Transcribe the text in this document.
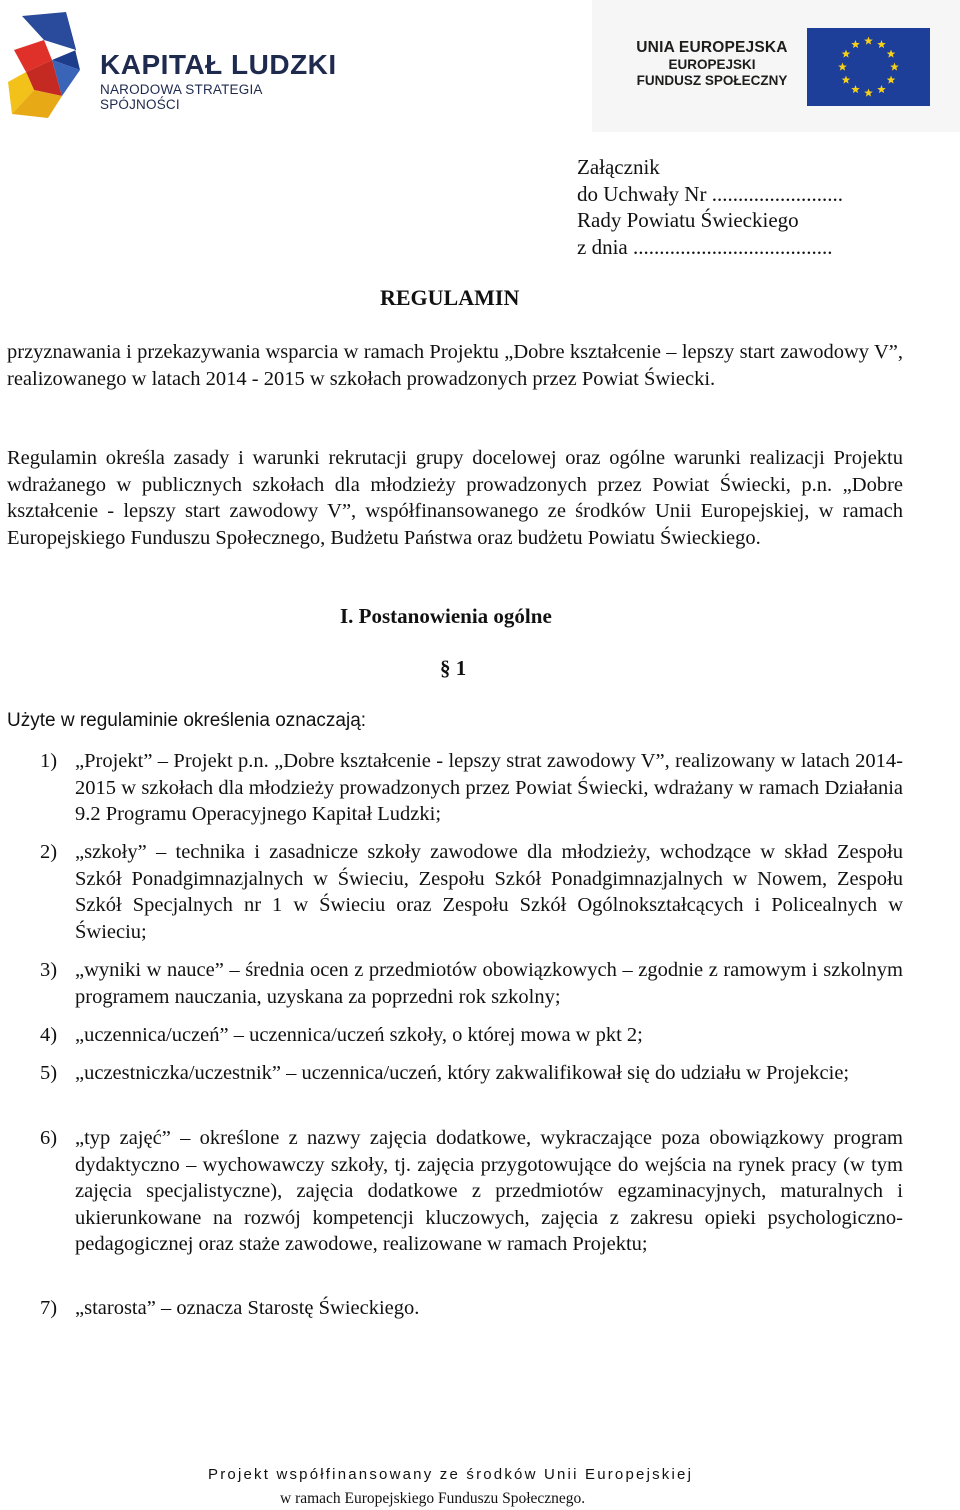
KAPITAŁ LUDZKI
NARODOWA STRATEGIA SPÓJNOŚCI
UNIA EUROPEJSKA
EUROPEJSKI
FUNDUSZ SPOŁECZNY
Załącznik
do Uchwały Nr .........................
Rady Powiatu Świeckiego
z dnia ......................................
REGULAMIN
przyznawania i przekazywania wsparcia w ramach Projektu „Dobre kształcenie – lepszy start zawodowy V”, realizowanego w latach 2014 - 2015 w szkołach prowadzonych przez Powiat Świecki.
Regulamin określa zasady i warunki rekrutacji grupy docelowej oraz ogólne warunki realizacji Projektu wdrażanego w publicznych szkołach dla młodzieży prowadzonych przez Powiat Świecki, p.n. „Dobre kształcenie - lepszy start zawodowy V”, współfinansowanego ze środków Unii Europejskiej, w ramach Europejskiego Funduszu Społecznego, Budżetu Państwa oraz budżetu Powiatu Świeckiego.
I. Postanowienia ogólne
§ 1
Użyte w regulaminie określenia oznaczają:
1) „Projekt” – Projekt p.n. „Dobre kształcenie - lepszy strat zawodowy V”, realizowany w latach 2014-2015 w szkołach dla młodzieży prowadzonych przez Powiat Świecki, wdrażany w ramach Działania 9.2 Programu Operacyjnego Kapitał Ludzki;
2) „szkoły” – technika i zasadnicze szkoły zawodowe dla młodzieży, wchodzące w skład Zespołu Szkół Ponadgimnazjalnych w Świeciu, Zespołu Szkół Ponadgimnazjalnych w Nowem, Zespołu Szkół Specjalnych nr 1 w Świeciu oraz Zespołu Szkół Ogólnokształcących i Policealnych w Świeciu;
3) „wyniki w nauce” – średnia ocen z przedmiotów obowiązkowych – zgodnie z ramowym i szkolnym programem nauczania, uzyskana za poprzedni rok szkolny;
4) „uczennica/uczeń” – uczennica/uczeń szkoły, o której mowa w pkt 2;
5) „uczestniczka/uczestnik” – uczennica/uczeń, który zakwalifikował się do udziału w Projekcie;
6) „typ zajęć” – określone z nazwy zajęcia dodatkowe, wykraczające poza obowiązkowy program dydaktyczno – wychowawczy szkoły, tj. zajęcia przygotowujące do wejścia na rynek pracy (w tym zajęcia specjalistyczne), zajęcia dodatkowe z przedmiotów egzaminacyjnych, maturalnych i ukierunkowane na rozwój kompetencji kluczowych, zajęcia z zakresu opieki psychologiczno-pedagogicznej oraz staże zawodowe, realizowane w ramach Projektu;
7) „starosta” – oznacza Starostę Świeckiego.
Projekt współfinansowany ze środków Unii Europejskiej
w ramach Europejskiego Funduszu Społecznego.
